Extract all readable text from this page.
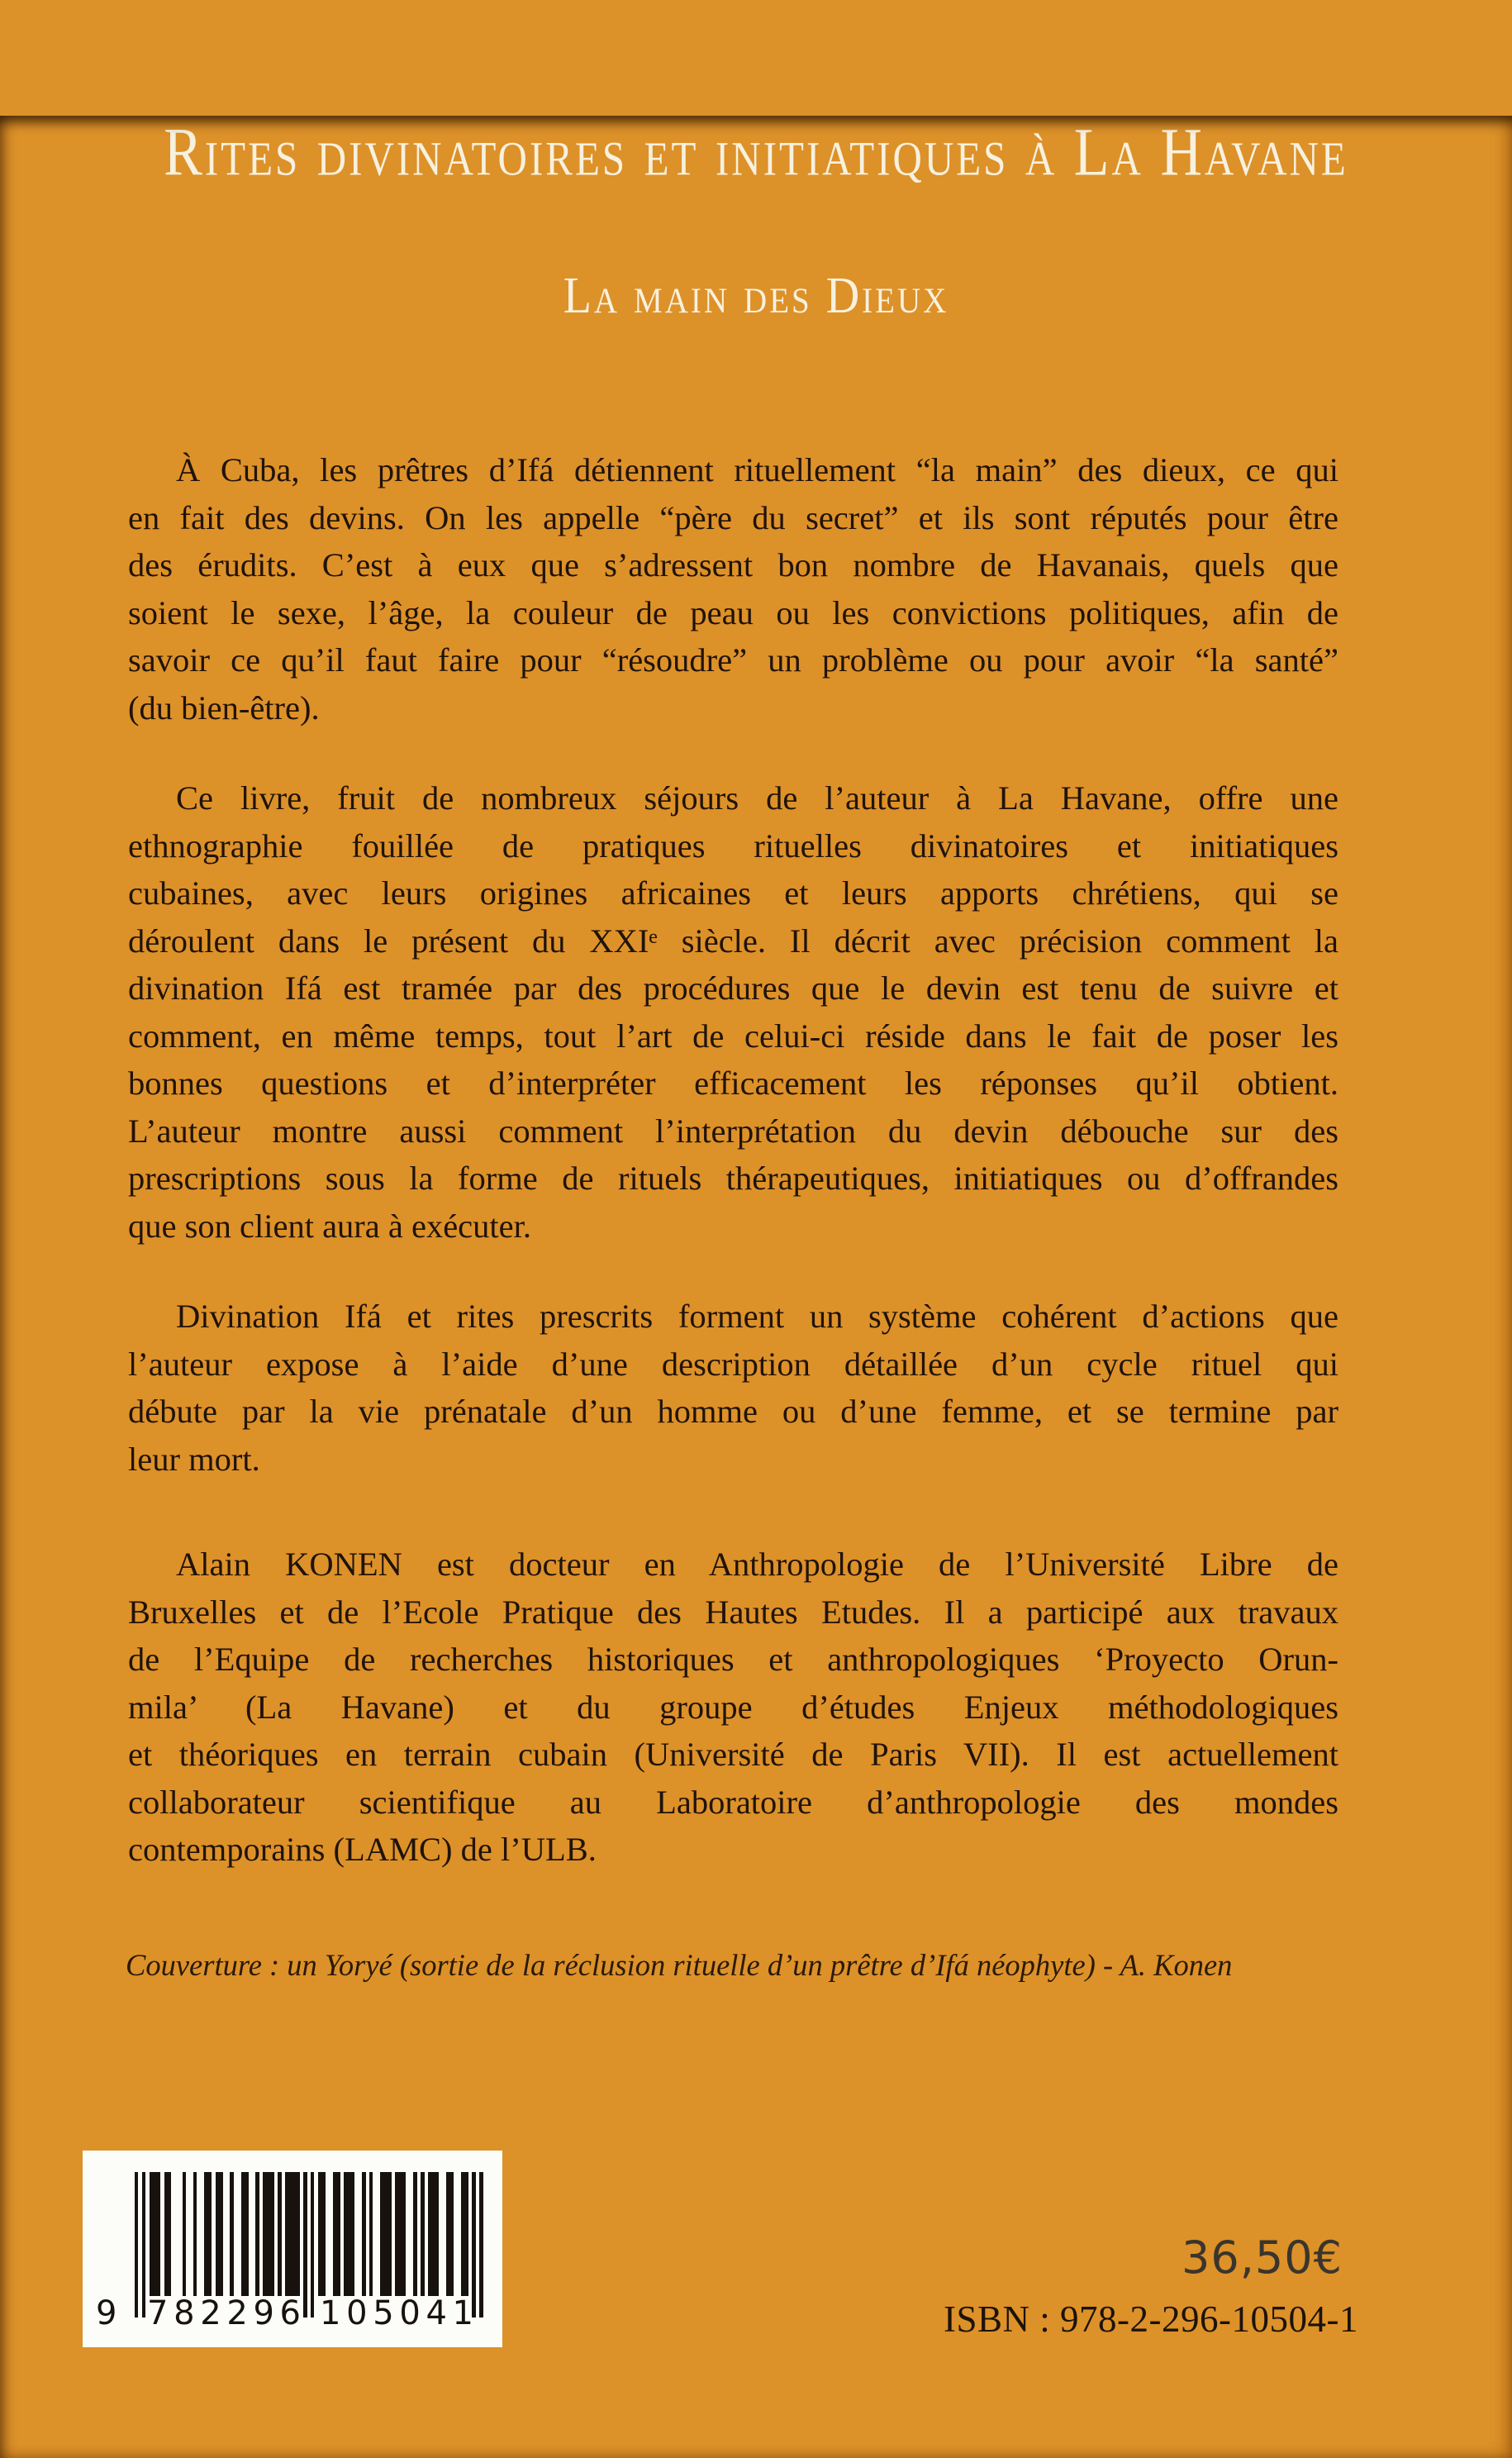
Rites divinatoires et initiatiques à La Havane
La main des Dieux
À Cuba, les prêtres d’Ifá détiennent rituellement “la main” des dieux, ce qui
en fait des devins. On les appelle “père du secret” et ils sont réputés pour être
des érudits. C’est à eux que s’adressent bon nombre de Havanais, quels que
soient le sexe, l’âge, la couleur de peau ou les convictions politiques, afin de
savoir ce qu’il faut faire pour “résoudre” un problème ou pour avoir “la santé”
(du bien-être).
Ce livre, fruit de nombreux séjours de l’auteur à La Havane, offre une
ethnographie fouillée de pratiques rituelles divinatoires et initiatiques
cubaines, avec leurs origines africaines et leurs apports chrétiens, qui se
déroulent dans le présent du XXIᵉ siècle. Il décrit avec précision comment la
divination Ifá est tramée par des procédures que le devin est tenu de suivre et
comment, en même temps, tout l’art de celui-ci réside dans le fait de poser les
bonnes questions et d’interpréter efficacement les réponses qu’il obtient.
L’auteur montre aussi comment l’interprétation du devin débouche sur des
prescriptions sous la forme de rituels thérapeutiques, initiatiques ou d’offrandes
que son client aura à exécuter.
Divination Ifá et rites prescrits forment un système cohérent d’actions que
l’auteur expose à l’aide d’une description détaillée d’un cycle rituel qui
débute par la vie prénatale d’un homme ou d’une femme, et se termine par
leur mort.
Alain KONEN est docteur en Anthropologie de l’Université Libre de
Bruxelles et de l’Ecole Pratique des Hautes Etudes. Il a participé aux travaux
de l’Equipe de recherches historiques et anthropologiques ‘Proyecto Orun-
mila’ (La Havane) et du groupe d’études Enjeux méthodologiques
et théoriques en terrain cubain (Université de Paris VII). Il est actuellement
collaborateur scientifique au Laboratoire d’anthropologie des mondes
contemporains (LAMC) de l’ULB.
Couverture : un Yoryé (sortie de la réclusion rituelle d’un prêtre d’Ifá néophyte) - A. Konen
9 7 8 2 2 9 6 1 0 5 0 4 1
36,50€
ISBN : 978-2-296-10504-1
